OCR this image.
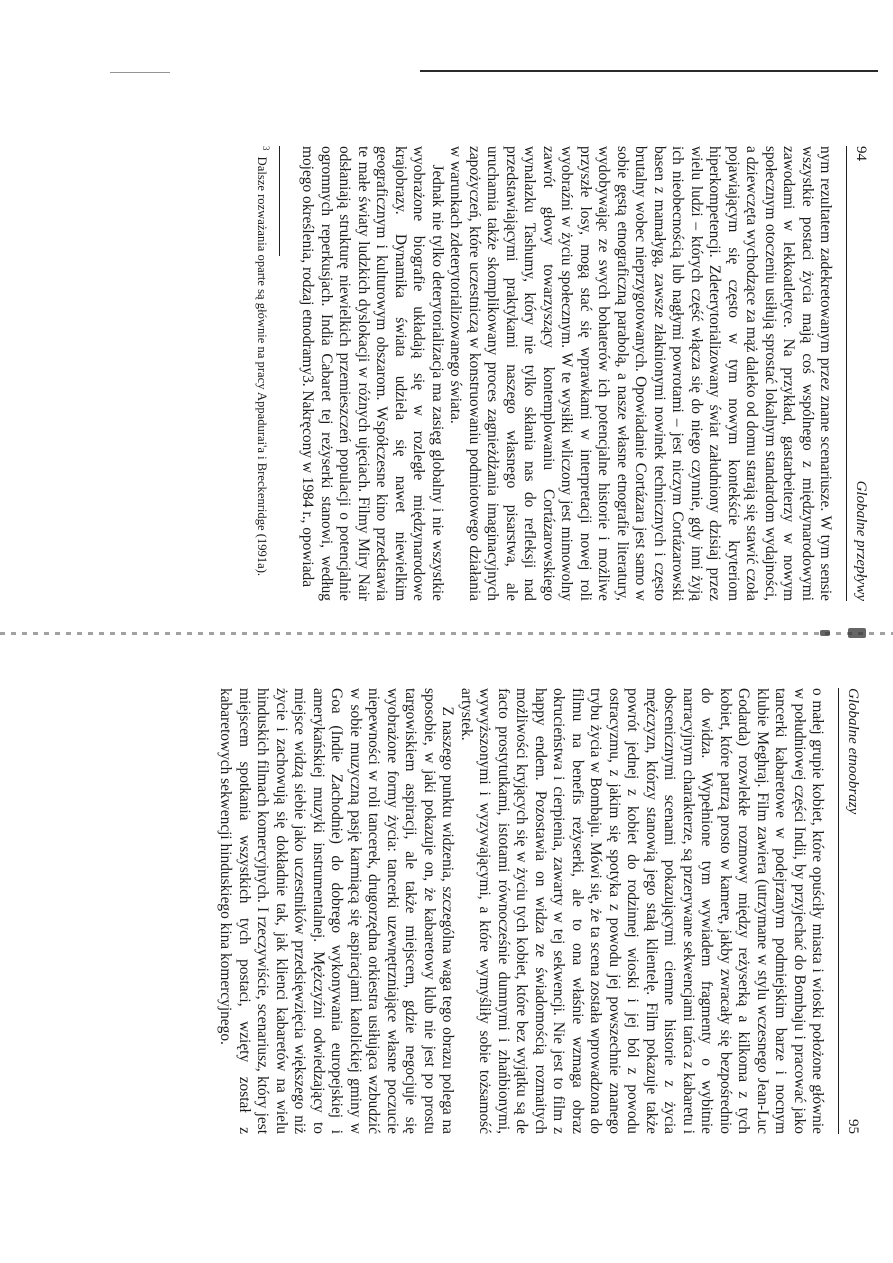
94
Globalne przepływy

nym rezultatem zadekretowanym przez znane scenariusze. W tym sensie wszystkie postaci życia mają coś wspólnego z międzynarodowymi zawodami w lekkoatletyce. Na przykład, gastarbeiterzy w nowym społecznym otoczeniu usiłują sprostać lokalnym standardom wydajności, a dziewczęta wychodzące za mąż daleko od domu starają się stawić czoła pojawiającym się często w tym nowym kontekście kryteriom hiperkompetencji. Zdeterytorializowany świat załudniony dzisiaj przez wielu ludzi – których część włącza się do niego czynnie, gdy inni żyją ich nieobecnością lub nagłymi powrotami – jest niczym Cortázarowski basen z mamałygą, zawsze złaknionymi nowinek technicznych i często brutalny wobec nieprzygotowanych. Opowiadanie Cortázara jest samo w sobie gęstą etnograficzną parabolą, a nasze własne etnografie literatury, wydobywając ze swych bohaterów ich potencjalne historie i możliwe przyszłe losy, mogą stać się wprawkami w interpretacji nowej roli wyobraźni w życiu społecznym. W te wysiłki wliczony jest mimowolny zawrót głowy towarzyszący kontemplowaniu Cortázarowskiego wynalazku Tashumy, który nie tylko skłania nas do refleksji nad przedstawiającymi praktykami naszego własnego pisarstwa, ale uruchamia także skomplikowany proces zagnieżdżania imaginacyjnych zapożyczeń, które uczestniczą w konstruowaniu podmiotowego działania w warunkach zdeterytorializowanego świata.

Jednak nie tylko deterytorializacja ma zasięg globalny i nie wszystkie wyobrażone biografie układają się w rozległe międzynarodowe krajobrazy. Dynamika świata udziela się nawet niewielkim geograficznym i kulturowym obszarom. Współczesne kino przedstawia te małe światy ludzkich dyslokacji w różnych ujęciach. Filmy Miry Nair odsłaniają strukturę niewielkich przemieszczeń populacji o potencjalnie ogromnych reperkusjach. India Cabaret tej reżyserki stanowi, według mojego określenia, rodzaj etnodramy3. Nakręcony w 1984 r., opowiada

$^3$ Dalsze rozważania oparte są głównie na pracy Appadurai'a i Breckenridge (1991a).
Globalne etnoobrazy
95

o małej grupie kobiet, które opuściły miasta i wioski położone głównie w południowej części Indii, by przyjechać do Bombaju i pracować jako tancerki kabaretowe w podejrzanym podmiejskim barze i nocnym klubie Meghraj. Film zawiera (utrzymane w stylu wczesnego Jean-Luc Godarda) rozwlekłe rozmowy między reżyserką a kilkoma z tych kobiet, które patrzą prosto w kamerę, jakby zwracały się bezpośrednio do widza. Wypełnione tym wywiadem fragmenty o wybitnie narracyjnym charakterze, są przerywane sekwencjami tańca z kabaretu i obscenicznymi scenami pokazującymi ciemne historie z życia mężczyzn, którzy stanowią jego stałą klientelę. Film pokazuje także powrót jednej z kobiet do rodzinnej wioski i jej ból z powodu ostracyzmu, z jakim się spotyka z powodu jej powszechnie znanego trybu życia w Bombaju. Mówi się, że ta scena została wprowadzona do filmu na benefis reżyserki, ale to ona właśnie wzmaga obraz okrucieństwa i cierpienia, zawarty w tej sekwencji. Nie jest to film z happy endem. Pozostawia on widza ze świadomością rozmaitych możliwości kryjących się w życiu tych kobiet, które bez wyjątku są de facto prostytutkami, istotami równocześnie dumnymi i zhańbionymi, wywyższonymi i wyzywającymi, a które wymyśliły sobie tożsamość artystek.

Z naszego punktu widzenia, szczególna waga tego obrazu polega na sposobie, w jaki pokazuje on, że kabaretowy klub nie jest po prostu targowiskiem aspiracji, ale także miejscem, gdzie negocjuje się wyobrażone formy życia: tancerki uzewnętrzniające własne poczucie niepewności w roli tancerek, drugorzędna orkiestra usiłująca wzbudzić w sobie muzyczną pasję karmiącą się aspiracjami katolickiej gminy w Goa (Indie Zachodnie) do dobrego wykonywania europejskiej i amerykańskiej muzyki instrumentalnej. Mężczyźni odwiedzający to miejsce widzą siebie jako uczestników przedsięwzięcia większego niż życie i zachowują się dokładnie tak, jak klienci kabaretów na wielu hinduskich filmach komercyjnych. I rzeczywiście, scenariusz, który jest miejscem spotkania wszystkich tych postaci, wzięty został z kabaretowych sekwencji hinduskiego kina komercyjnego.
